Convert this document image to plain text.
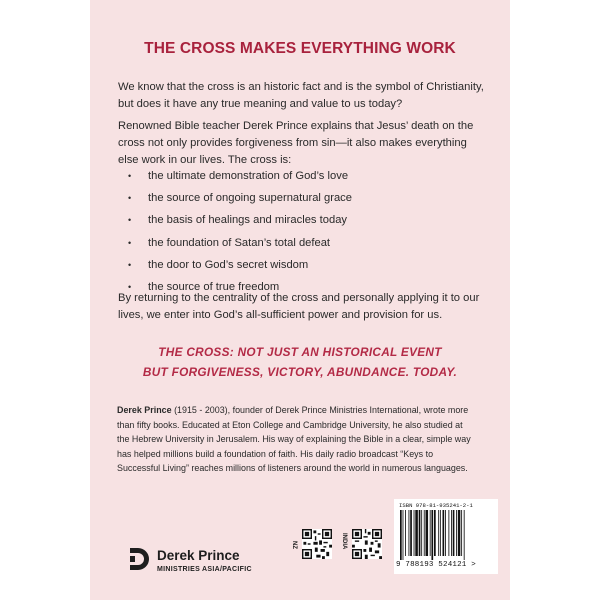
THE CROSS MAKES EVERYTHING WORK
We know that the cross is an historic fact and is the symbol of Christianity, but does it have any true meaning and value to us today?
Renowned Bible teacher Derek Prince explains that Jesus’ death on the cross not only provides forgiveness from sin—it also makes everything else work in our lives. The cross is:
• the ultimate demonstration of God’s love
• the source of ongoing supernatural grace
• the basis of healings and miracles today
• the foundation of Satan’s total defeat
• the door to God’s secret wisdom
• the source of true freedom
By returning to the centrality of the cross and personally applying it to our lives, we enter into God’s all-sufficient power and provision for us.
THE CROSS: NOT JUST AN HISTORICAL EVENT
BUT FORGIVENESS, VICTORY, ABUNDANCE. TODAY.
Derek Prince (1915 - 2003), founder of Derek Prince Ministries International, wrote more than fifty books. Educated at Eton College and Cambridge University, he also studied at the Hebrew University in Jerusalem. His way of explaining the Bible in a clear, simple way has helped millions build a foundation of faith. His daily radio broadcast “Keys to Successful Living” reaches millions of listeners around the world in numerous languages.
Derek Prince
MINISTRIES ASIA/PACIFIC
NZ	INDIA
ISBN 978-81-935241-2-1
9 788193 524121 >
